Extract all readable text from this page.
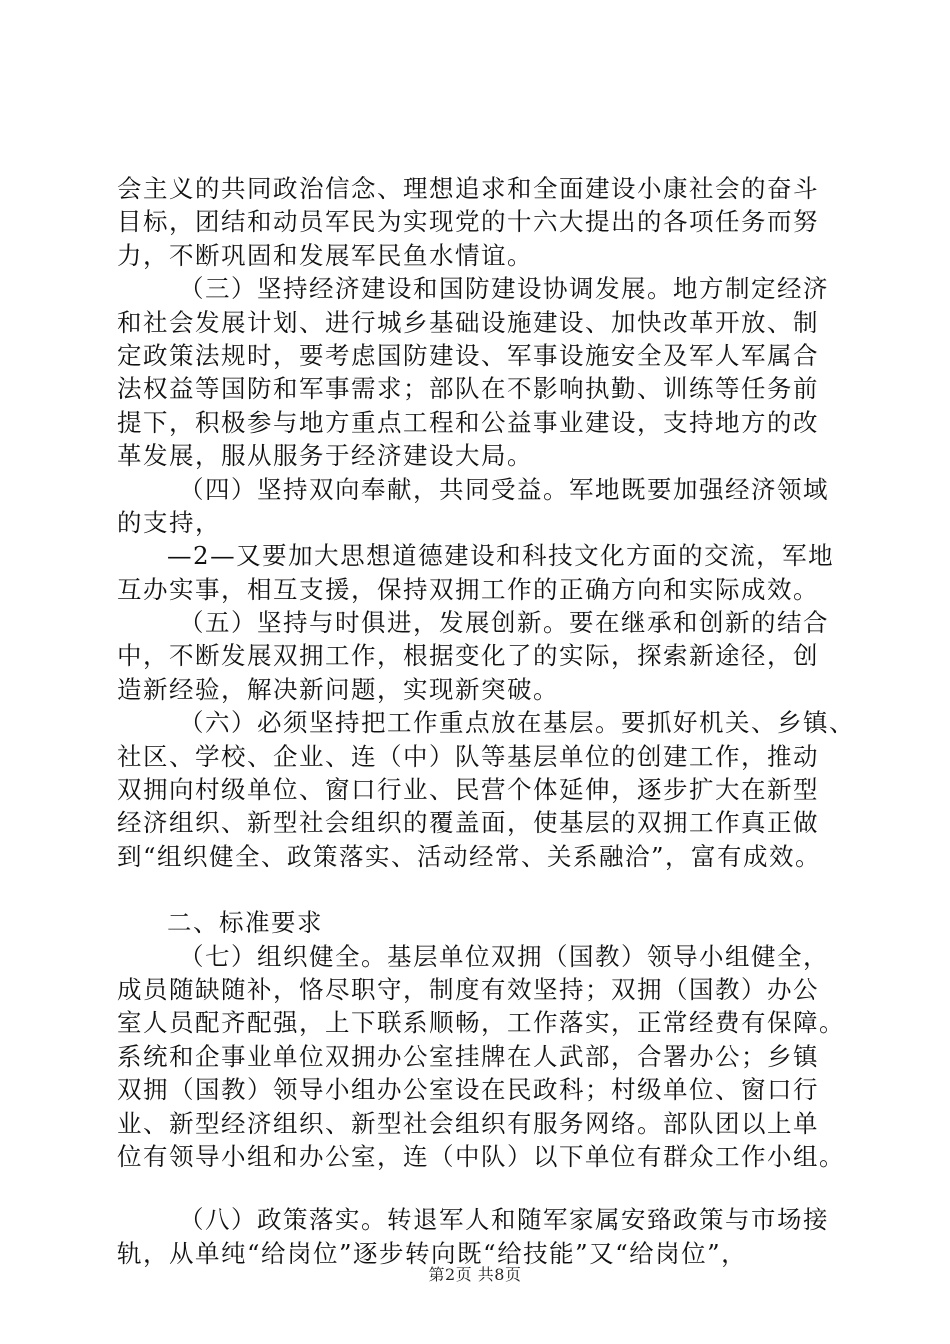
会主义的共同政治信念、理想追求和全面建设小康社会的奋斗
目标，团结和动员军民为实现党的十六大提出的各项任务而努
力，不断巩固和发展军民鱼水情谊。
（三）坚持经济建设和国防建设协调发展。地方制定经济
和社会发展计划、进行城乡基础设施建设、加快改革开放、制
定政策法规时，要考虑国防建设、军事设施安全及军人军属合
法权益等国防和军事需求；部队在不影响执勤、训练等任务前
提下，积极参与地方重点工程和公益事业建设，支持地方的改
革发展，服从服务于经济建设大局。
（四）坚持双向奉献，共同受益。军地既要加强经济领域
的支持，
—2—又要加大思想道德建设和科技文化方面的交流，军地
互办实事，相互支援，保持双拥工作的正确方向和实际成效。
（五）坚持与时俱进，发展创新。要在继承和创新的结合
中，不断发展双拥工作，根据变化了的实际，探索新途径，创
造新经验，解决新问题，实现新突破。
（六）必须坚持把工作重点放在基层。要抓好机关、乡镇、
社区、学校、企业、连（中）队等基层单位的创建工作，推动
双拥向村级单位、窗口行业、民营个体延伸，逐步扩大在新型
经济组织、新型社会组织的覆盖面，使基层的双拥工作真正做
到“组织健全、政策落实、活动经常、关系融洽”，富有成效。
二、标准要求
（七）组织健全。基层单位双拥（国教）领导小组健全，
成员随缺随补，恪尽职守，制度有效坚持；双拥（国教）办公
室人员配齐配强，上下联系顺畅，工作落实，正常经费有保障。
系统和企事业单位双拥办公室挂牌在人武部，合署办公；乡镇
双拥（国教）领导小组办公室设在民政科；村级单位、窗口行
业、新型经济组织、新型社会组织有服务网络。部队团以上单
位有领导小组和办公室，连（中队）以下单位有群众工作小组。
（八）政策落实。转退军人和随军家属安臵政策与市场接
轨，从单纯“给岗位”逐步转向既“给技能”又“给岗位”，
第2页 共8页
